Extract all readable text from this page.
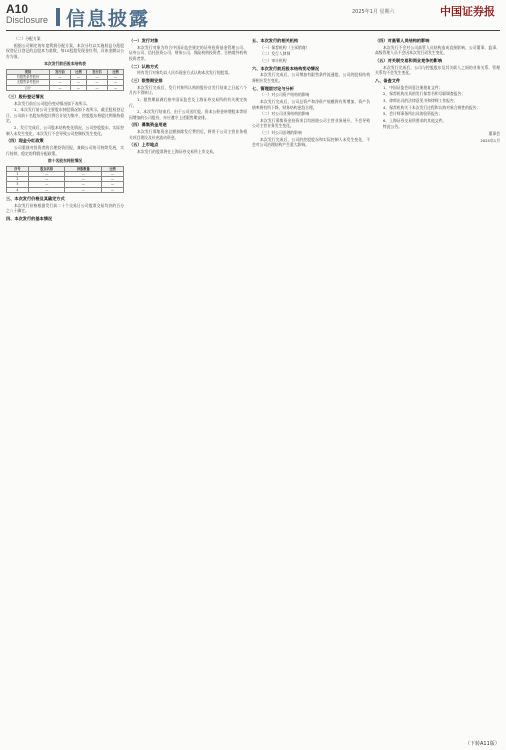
A10
Disclosure 信息披露	2025年1月 星期六	中国证券报

（二）分配方案

根据公司制定的年度利润分配方案，本次分红以实施权益分派股权登记日登记的总股本为基数，每10股派发现金红利，具体金额以公告为准。

本次发行前后股本结构表
类别	发行前	比例	发行后	比例
有限售条件股份	—	—	—	—
无限售条件股份	—	—	—	—
合计	—	—	—	—
（三）股份登记情况

本次发行前后公司股份变动情况如下表所示。

1、本次发行前公司主要股东持股情况如下表所示，截至股权登记日，公司前十名股东持股比例合计较为集中，控股股东持股比例保持稳定。

2、发行完成后，公司股本结构变化情况，公司控股股东、实际控制人未发生变化，本次发行不会导致公司控制权发生变化。

（四）现金分红政策

公司重视对投资者的合理投资回报，兼顾公司的可持续发展，实行持续、稳定的利润分配政策。

前十名股东持股情况
序号	股东名称	持股数量	比例
1	—	—	—
2	—	—	—
3	—	—	—
4	—	—	—
三、本次发行价格及其确定方式

本次发行价格根据发行前二十个交易日公司股票交易均价的百分之八十确定。

四、本次发行的基本情况
（一）发行对象

本次发行对象为符合中国证监会规定的证券投资基金管理公司、证券公司、信托投资公司、财务公司、保险机构投资者、合格境外机构投资者等。

（二）认购方式

所有发行对象均以人民币现金方式认购本次发行的股票。

（三）限售期安排

本次发行完成后，发行对象所认购的股份自发行结束之日起六个月内不得转让。

1、限售期届满后按中国证监会及上海证券交易所的有关规定执行。

2、本次发行结束后，由于公司送红股、资本公积金转增股本等原因增加的公司股份，亦应遵守上述限售期安排。

（四）募集资金用途

本次发行募集资金总额扣除发行费用后，将用于公司主营业务相关项目建设及补充流动资金。

（五）上市地点

本次发行的股票将在上海证券交易所上市交易。

五、本次发行的相关机构

（一）保荐机构（主承销商）

（二）发行人律师

（三）审计机构

六、本次发行前后股本结构变动情况

本次发行完成后，公司增加有限售条件流通股，公司的股权结构将相应发生变化。

七、管理层讨论与分析

（一）对公司资产结构的影响

本次发行完成后，公司总资产和净资产规模将有所增加，资产负债率将有所下降，财务结构更趋合理。

（二）对公司业务结构的影响

本次发行募集资金投资项目均围绕公司主营业务展开，不会导致公司主营业务发生变化。

（三）对公司治理的影响

本次发行完成后，公司的控股股东和实际控制人未发生变化，不会对公司治理结构产生重大影响。

（四）对高管人员结构的影响

本次发行不会对公司高管人员结构造成直接影响，公司董事、监事、高级管理人员不会因本次发行而发生变化。

（五）对关联交易和同业竞争的影响

本次发行完成后，公司与控股股东及其关联人之间的业务关系、管理关系均不会发生变化。

八、备查文件

1、中国证监会同意注册批复文件；

2、保荐机构出具的发行保荐书和尽职调查报告；

3、律师出具的法律意见书和律师工作报告；

4、保荐机构关于本次发行过程和认购对象合规性的报告；

5、会计师事务所出具的验资报告；

6、上海证券交易所要求的其他文件。

特此公告。

董事会

2025年1月

（下转A11版）
